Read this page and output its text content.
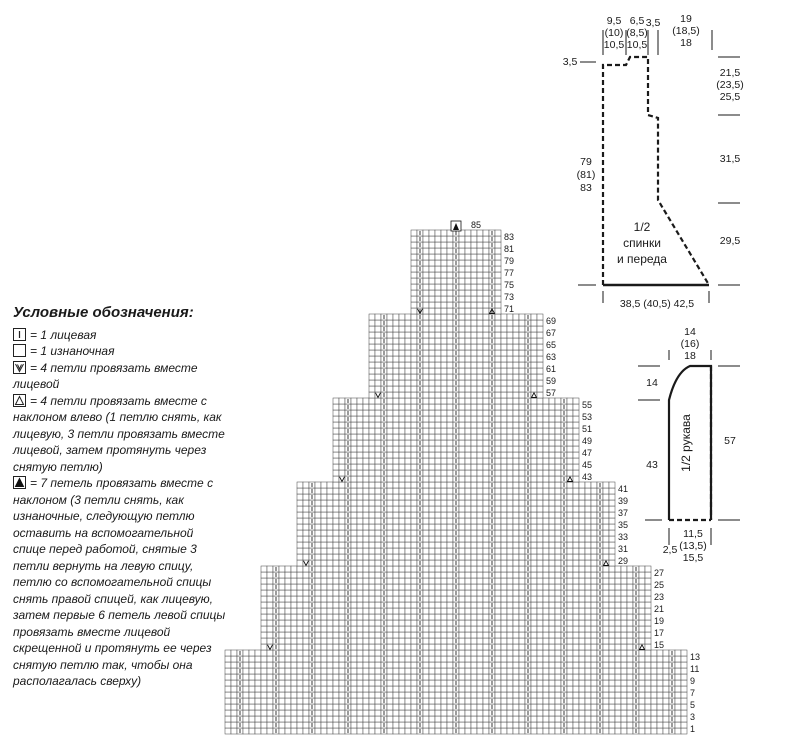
1
3
5
7
9
11
13
15
17
19
21
23
25
27
29
31
33
35
37
39
41
43
45
47
49
51
53
55
57
59
61
63
65
67
69
71
73
75
77
79
81
83
85
9,5 (10) 10,5
6,5 (8,5) 10,5
3,5	19 (18,5) 18
3,5
21,5 (23,5) 25,5
31,5
29,5
79 (81) 83
1/2 спинки и переда
38,5 (40,5) 42,5
14 (16) 18
14
43
57
1/2 рукава
11,5 (13,5) 15,5
2,5
Условные обозначения:
= 1 лицевая
= 1 изнаночная
= 4 петли провязать вместе лицевой
= 4 петли провязать вместе с наклоном влево (1 петлю снять, как лицевую, 3 петли провязать вместе лицевой, затем протянуть через снятую петлю)
= 7 петель провязать вместе с наклоном (3 петли снять, как изнаночные, следующую петлю оставить на вспомогательной спице перед работой, снятые 3 петли вернуть на левую спицу, петлю со вспомогательной спицы снять правой спицей, как лицевую, затем первые 6 петель левой спицы провязать вместе лицевой скрещенной и протянуть ее через снятую петлю так, чтобы она располагалась сверху)
